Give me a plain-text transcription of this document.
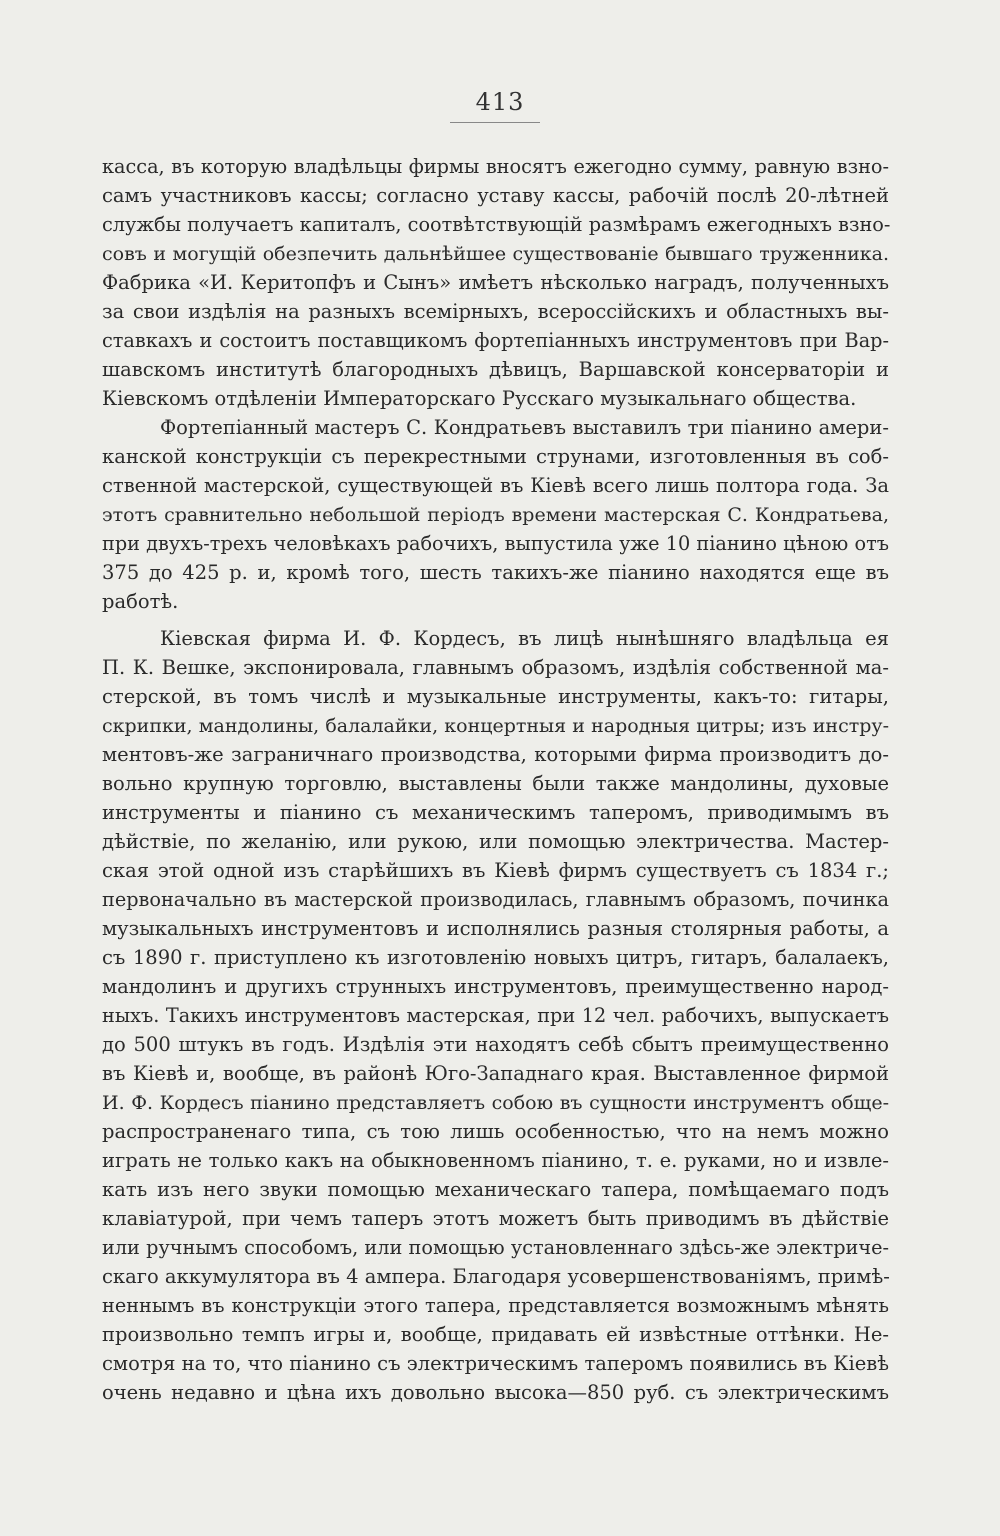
413
касса, въ которую владѣльцы фирмы вносятъ ежегодно сумму, равную взно-
самъ участниковъ кассы; согласно уставу кассы, рабочій послѣ 20-лѣтней
службы получаетъ капиталъ, соотвѣтствующій размѣрамъ ежегодныхъ взно-
совъ и могущій обезпечить дальнѣйшее существованіе бывшаго труженника.
Фабрика «И. Керитопфъ и Сынъ» имѣетъ нѣсколько наградъ, полученныхъ
за свои издѣлія на разныхъ всемірныхъ, всероссійскихъ и областныхъ вы-
ставкахъ и состоитъ поставщикомъ фортепіанныхъ инструментовъ при Вар-
шавскомъ институтѣ благородныхъ дѣвицъ, Варшавской консерваторіи и
Кіевскомъ отдѣленіи Императорскаго Русскаго музыкальнаго общества.
Фортепіанный мастеръ С. Кондратьевъ выставилъ три піанино амери-
канской конструкціи съ перекрестными струнами, изготовленныя въ соб-
ственной мастерской, существующей въ Кіевѣ всего лишь полтора года. За
этотъ сравнительно небольшой періодъ времени мастерская С. Кондратьева,
при двухъ-трехъ человѣкахъ рабочихъ, выпустила уже 10 піанино цѣною отъ
375 до 425 р. и, кромѣ того, шесть такихъ-же піанино находятся еще въ
работѣ.
Кіевская фирма И. Ф. Кордесъ, въ лицѣ нынѣшняго владѣльца ея
П. К. Вешке, экспонировала, главнымъ образомъ, издѣлія собственной ма-
стерской, въ томъ числѣ и музыкальные инструменты, какъ-то: гитары,
скрипки, мандолины, балалайки, концертныя и народныя цитры; изъ инстру-
ментовъ-же заграничнаго производства, которыми фирма производитъ до-
вольно крупную торговлю, выставлены были также мандолины, духовые
инструменты и піанино съ механическимъ таперомъ, приводимымъ въ
дѣйствіе, по желанію, или рукою, или помощью электричества. Мастер-
ская этой одной изъ старѣйшихъ въ Кіевѣ фирмъ существуетъ съ 1834 г.;
первоначально въ мастерской производилась, главнымъ образомъ, починка
музыкальныхъ инструментовъ и исполнялись разныя столярныя работы, а
съ 1890 г. приступлено къ изготовленію новыхъ цитръ, гитаръ, балалаекъ,
мандолинъ и другихъ струнныхъ инструментовъ, преимущественно народ-
ныхъ. Такихъ инструментовъ мастерская, при 12 чел. рабочихъ, выпускаетъ
до 500 штукъ въ годъ. Издѣлія эти находятъ себѣ сбытъ преимущественно
въ Кіевѣ и, вообще, въ районѣ Юго-Западнаго края. Выставленное фирмой
И. Ф. Кордесъ піанино представляетъ собою въ сущности инструментъ обще-
распространенаго типа, съ тою лишь особенностью, что на немъ можно
играть не только какъ на обыкновенномъ піанино, т. е. руками, но и извле-
кать изъ него звуки помощью механическаго тапера, помѣщаемаго подъ
клавіатурой, при чемъ таперъ этотъ можетъ быть приводимъ въ дѣйствіе
или ручнымъ способомъ, или помощью установленнаго здѣсь-же электриче-
скаго аккумулятора въ 4 ампера. Благодаря усовершенствованіямъ, примѣ-
неннымъ въ конструкціи этого тапера, представляется возможнымъ мѣнять
произвольно темпъ игры и, вообще, придавать ей извѣстные оттѣнки. Не-
смотря на то, что піанино съ электрическимъ таперомъ появились въ Кіевѣ
очень недавно и цѣна ихъ довольно высока—850 руб. съ электрическимъ
